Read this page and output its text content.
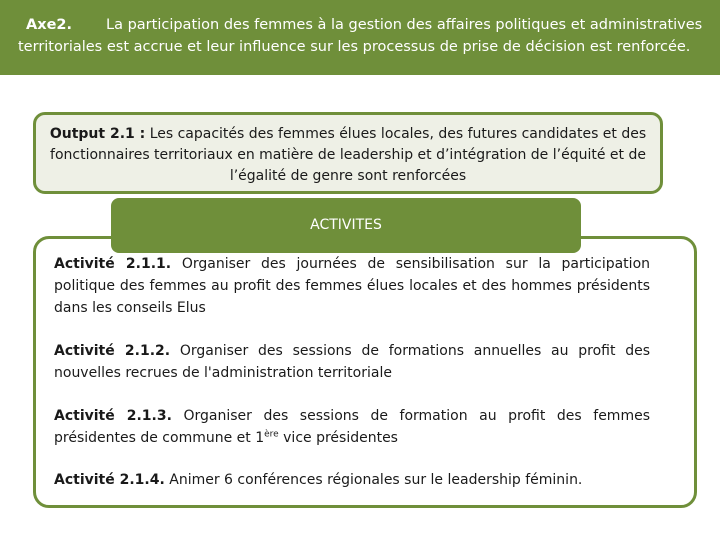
Axe2. La participation des femmes à la gestion des affaires politiques et administratives
territoriales est accrue et leur influence sur les processus de prise de décision est renforcée.
Output 2.1 : Les capacités des femmes élues locales, des futures candidates et des fonctionnaires territoriaux en matière de leadership et d’intégration de l’équité et de l’égalité de genre sont renforcées
ACTIVITES
Activité 2.1.1. Organiser des journées de sensibilisation sur la participation politique des femmes au profit des femmes élues locales et des hommes présidents dans les conseils Elus
Activité 2.1.2. Organiser des sessions de formations annuelles au profit des nouvelles recrues de l'administration territoriale
Activité 2.1.3. Organiser des sessions de formation au profit des femmes présidentes de commune et 1ère vice présidentes
Activité 2.1.4. Animer 6 conférences régionales sur le leadership féminin.
